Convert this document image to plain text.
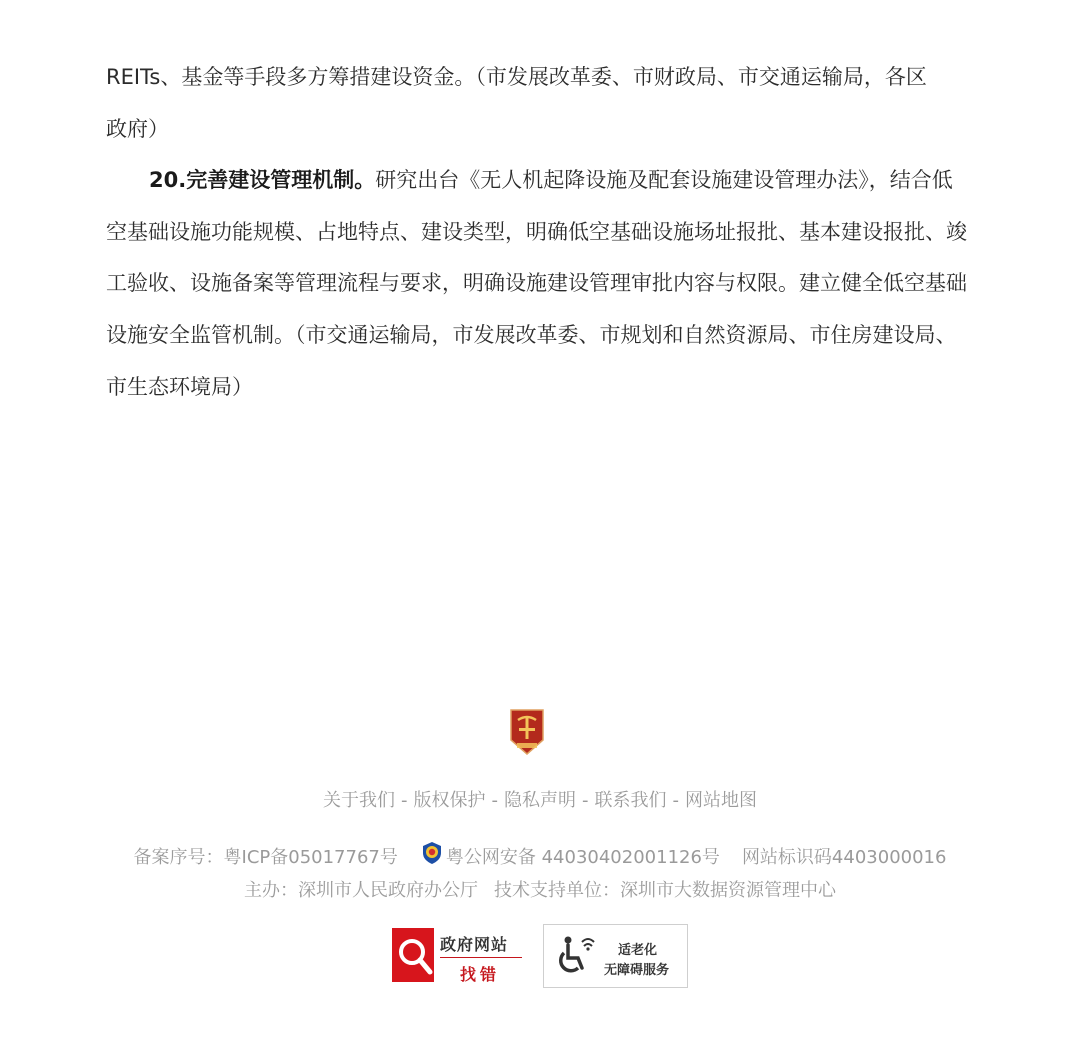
REITs、基金等手段多方筹措建设资金。（市发展改革委、市财政局、市交通运输局，各区
政府）

20.完善建设管理机制。研究出台《无人机起降设施及配套设施建设管理办法》，结合低空基础设施功能规模、占地特点、建设类型，明确低空基础设施场址报批、基本建设报批、竣工验收、设施备案等管理流程与要求，明确设施建设管理审批内容与权限。建立健全低空基础设施安全监管机制。（市交通运输局，市发展改革委、市规划和自然资源局、市住房建设局、市生态环境局）

关于我们 - 版权保护 - 隐私声明 - 联系我们 - 网站地图
备案序号：粤ICP备05017767号	粤公网安备 44030402001126号 网站标识码4403000016
主办：深圳市人民政府办公厅 技术支持单位：深圳市大数据资源管理中心
政府网站
找错
适老化
无障碍服务
